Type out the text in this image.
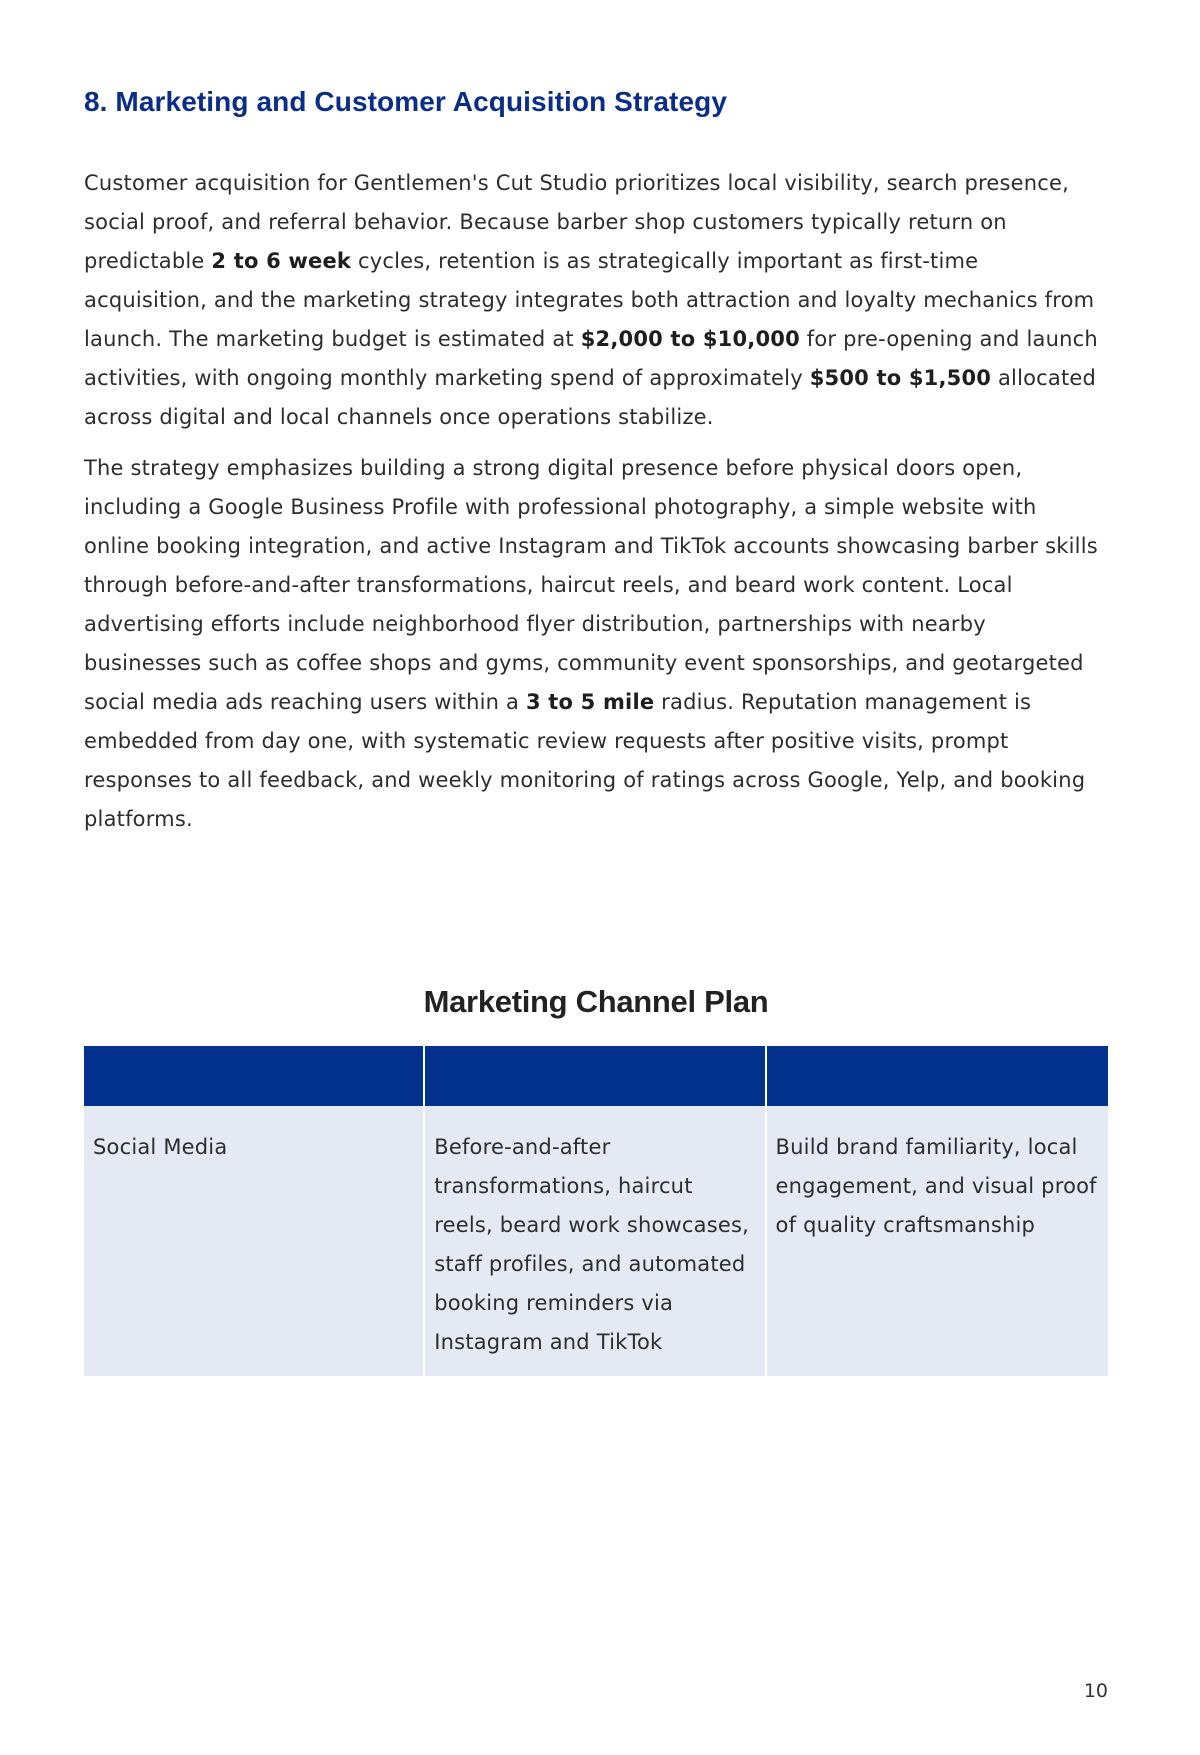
8. Marketing and Customer Acquisition Strategy

Customer acquisition for Gentlemen's Cut Studio prioritizes local visibility, search presence, social proof, and referral behavior. Because barber shop customers typically return on predictable 2 to 6 week cycles, retention is as strategically important as first-time acquisition, and the marketing strategy integrates both attraction and loyalty mechanics from launch. The marketing budget is estimated at $2,000 to $10,000 for pre-opening and launch activities, with ongoing monthly marketing spend of approximately $500 to $1,500 allocated across digital and local channels once operations stabilize.

The strategy emphasizes building a strong digital presence before physical doors open, including a Google Business Profile with professional photography, a simple website with online booking integration, and active Instagram and TikTok accounts showcasing barber skills through before-and-after transformations, haircut reels, and beard work content. Local advertising efforts include neighborhood flyer distribution, partnerships with nearby businesses such as coffee shops and gyms, community event sponsorships, and geotargeted social media ads reaching users within a 3 to 5 mile radius. Reputation management is embedded from day one, with systematic review requests after positive visits, prompt responses to all feedback, and weekly monitoring of ratings across Google, Yelp, and booking platforms.

Marketing Channel Plan

Social Media	Before-and-after transformations, haircut reels, beard work showcases, staff profiles, and automated booking reminders via Instagram and TikTok	Build brand familiarity, local engagement, and visual proof of quality craftsmanship
10
